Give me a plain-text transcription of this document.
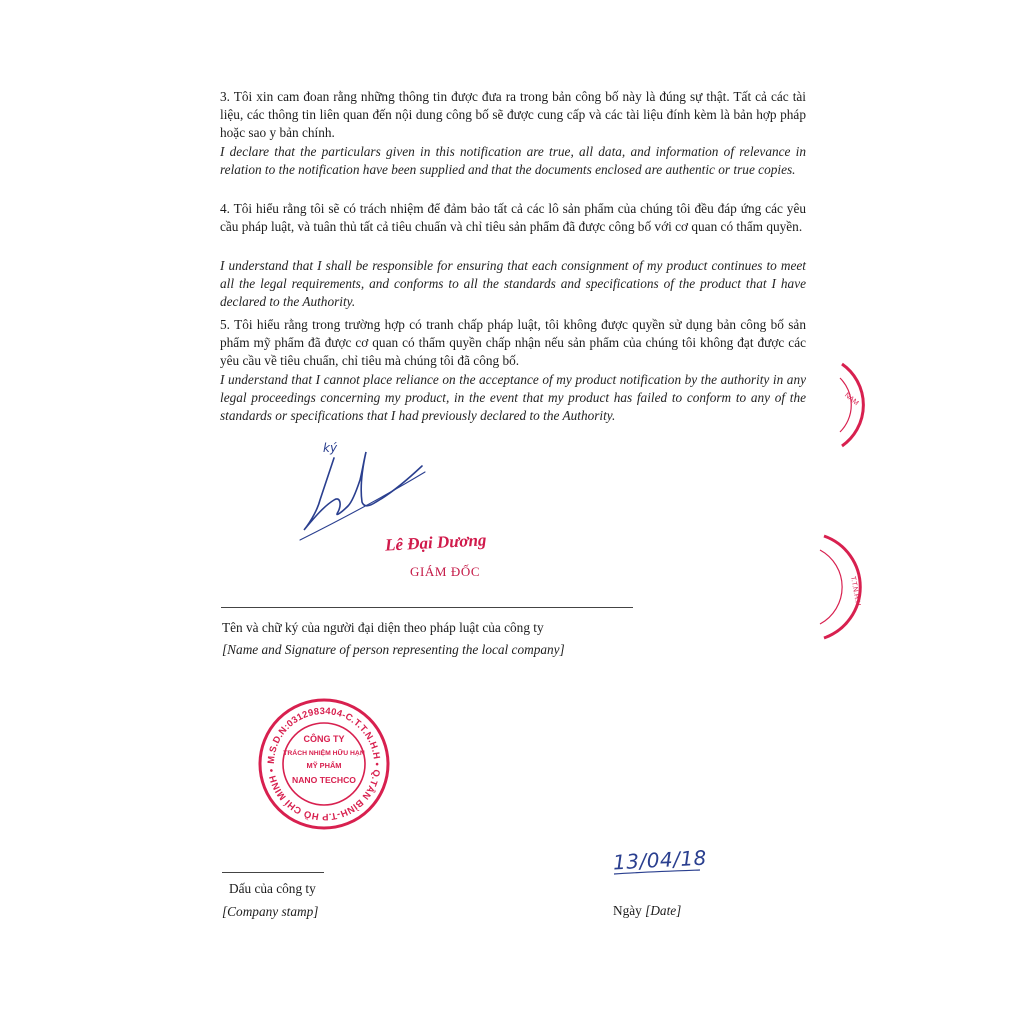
3. Tôi xin cam đoan rằng những thông tin được đưa ra trong bản công bố này là đúng sự thật. Tất cả các tài liệu, các thông tin liên quan đến nội dung công bố sẽ được cung cấp và các tài liệu đính kèm là bản hợp pháp hoặc sao y bản chính.

I declare that the particulars given in this notification are true, all data, and information of relevance in relation to the notification have been supplied and that the documents enclosed are authentic or true copies.

4. Tôi hiểu rằng tôi sẽ có trách nhiệm để đảm bảo tất cả các lô sản phẩm của chúng tôi đều đáp ứng các yêu cầu pháp luật, và tuân thủ tất cả tiêu chuẩn và chỉ tiêu sản phẩm đã được công bố với cơ quan có thẩm quyền.

I understand that I shall be responsible for ensuring that each consignment of my product continues to meet all the legal requirements, and conforms to all the standards and specifications of the product that I have declared to the Authority.

5. Tôi hiểu rằng trong trường hợp có tranh chấp pháp luật, tôi không được quyền sử dụng bản công bố sản phẩm mỹ phẩm đã được cơ quan có thẩm quyền chấp nhận nếu sản phẩm của chúng tôi không đạt được các yêu cầu về tiêu chuẩn, chỉ tiêu mà chúng tôi đã công bố.

I understand that I cannot place reliance on the acceptance of my product notification by the authority in any legal proceedings concerning my product, in the event that my product has failed to conform to any of the standards or specifications that I had previously declared to the Authority.

ký
Lê Đại Dương
GIÁM ĐỐC

Tên và chữ ký của người đại diện theo pháp luật của công ty

[Name and Signature of person representing the local company]

M.S.D.N:0312983404-C.T.T.N.H.H • Q.TÂN BÌNH-T.P HỒ CHÍ MINH •
CÔNG TY
TRÁCH NHIỆM HỮU HẠN
MỸ PHẨM
NANO TECHCO
NAM
T.T.N.H.H

Dấu của công ty

[Company stamp]

13/04/18

Ngày [Date]
